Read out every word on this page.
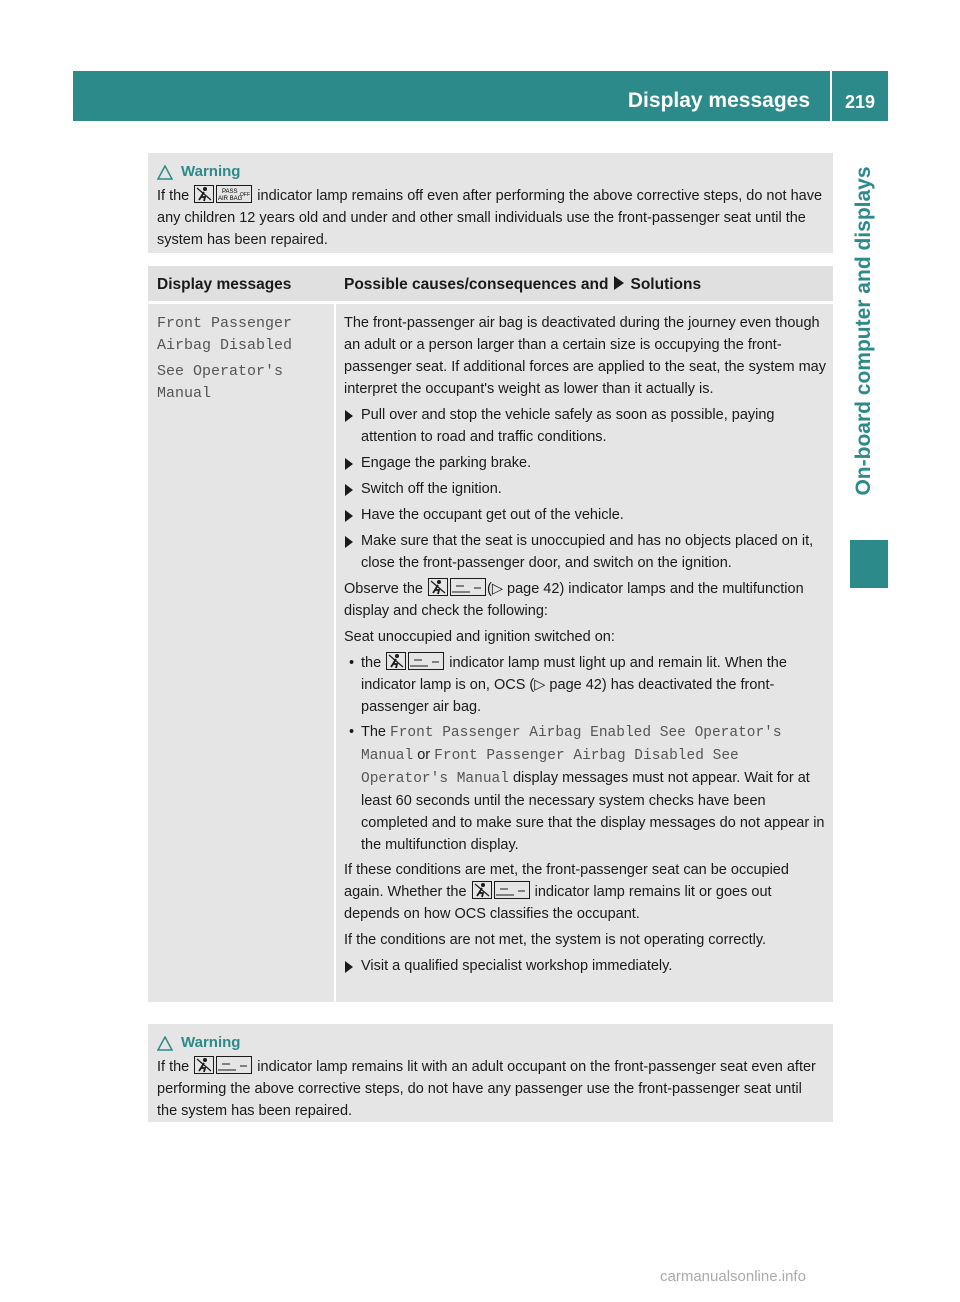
Display messages	219
On-board computer and displays
Warning
If the	PASS
AIR BAG
OFF indicator lamp remains off even after performing the above corrective steps, do not have any children 12 years old and under and other small individuals use the front-passenger seat until the system has been repaired.
Display messages	Possible causes/consequences and Solutions
Front Passenger
Airbag Disabled
See Operator's
Manual

The front-passenger air bag is deactivated during the journey even though an adult or a person larger than a certain size is occupying the front-passenger seat. If additional forces are applied to the seat, the system may interpret the occupant's weight as lower than it actually is.

Pull over and stop the vehicle safely as soon as possible, paying attention to road and traffic conditions.
Engage the parking brake.
Switch off the ignition.
Have the occupant get out of the vehicle.
Make sure that the seat is unoccupied and has no objects placed on it, close the front-passenger door, and switch on the ignition.

Observe the	(▷ page 42) indicator lamps and the multifunction display and check the following:

Seat unoccupied and ignition switched on:

• the	indicator lamp must light up and remain lit. When the indicator lamp is on, OCS (▷ page 42) has deactivated the front-passenger air bag.
• The Front Passenger Airbag Enabled See Operator's Manual or Front Passenger Airbag Disabled See Operator's Manual display messages must not appear. Wait for at least 60 seconds until the necessary system checks have been completed and to make sure that the display messages do not appear in the multifunction display.

If these conditions are met, the front-passenger seat can be occupied again. Whether the	indicator lamp remains lit or goes out depends on how OCS classifies the occupant.

If the conditions are not met, the system is not operating correctly.

Visit a qualified specialist workshop immediately.
Warning
If the	indicator lamp remains lit with an adult occupant on the front-passenger seat even after performing the above corrective steps, do not have any passenger use the front-passenger seat until the system has been repaired.
carmanualsonline.info
